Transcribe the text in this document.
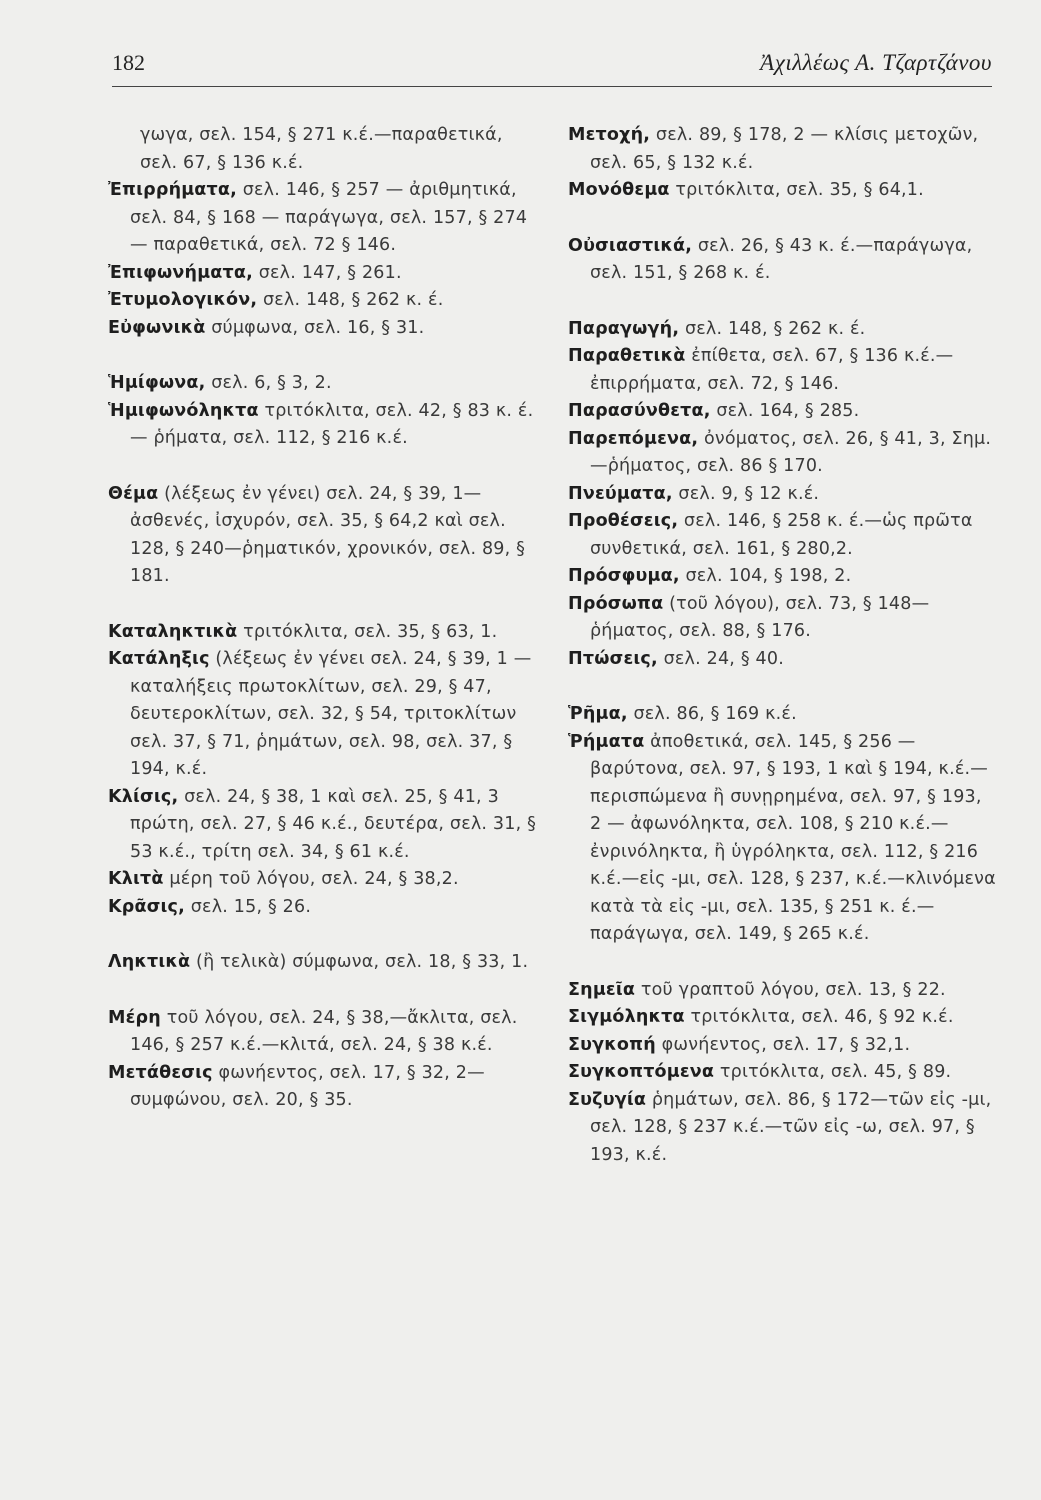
182	Ἀχιλλέως Α. Τζαρτζάνου
γωγα, σελ. 154, § 271 κ.έ.—παραθετικά, σελ. 67, § 136 κ.έ.
Ἐπιρρήματα, σελ. 146, § 257 — ἀριθμητικά, σελ. 84, § 168 — παράγωγα, σελ. 157, § 274 — παραθετικά, σελ. 72 § 146.
Ἐπιφωνήματα, σελ. 147, § 261.
Ἐτυμολογικόν, σελ. 148, § 262 κ. έ.
Εὐφωνικὰ σύμφωνα, σελ. 16, § 31.
Ἡμίφωνα, σελ. 6, § 3, 2.
Ἡμιφωνόληκτα τριτόκλιτα, σελ. 42, § 83 κ. έ. — ῥήματα, σελ. 112, § 216 κ.έ.
Θέμα (λέξεως ἐν γένει) σελ. 24, § 39, 1—ἀσθενές, ἰσχυρόν, σελ. 35, § 64,2 καὶ σελ. 128, § 240—ῥηματικόν, χρονικόν, σελ. 89, § 181.
Καταληκτικὰ τριτόκλιτα, σελ. 35, § 63, 1.
Κατάληξις (λέξεως ἐν γένει σελ. 24, § 39, 1 — καταλήξεις πρωτοκλίτων, σελ. 29, § 47, δευτεροκλίτων, σελ. 32, § 54, τριτοκλίτων σελ. 37, § 71, ῥημάτων, σελ. 98, σελ. 37, § 194, κ.έ.
Κλίσις, σελ. 24, § 38, 1 καὶ σελ. 25, § 41, 3 πρώτη, σελ. 27, § 46 κ.έ., δευτέρα, σελ. 31, § 53 κ.έ., τρίτη σελ. 34, § 61 κ.έ.
Κλιτὰ μέρη τοῦ λόγου, σελ. 24, § 38,2.
Κρᾶσις, σελ. 15, § 26.
Ληκτικὰ (ἢ τελικὰ) σύμφωνα, σελ. 18, § 33, 1.
Μέρη τοῦ λόγου, σελ. 24, § 38,—ἄκλιτα, σελ. 146, § 257 κ.έ.—κλιτά, σελ. 24, § 38 κ.έ.
Μετάθεσις φωνήεντος, σελ. 17, § 32, 2—συμφώνου, σελ. 20, § 35.
Μετοχή, σελ. 89, § 178, 2 — κλίσις μετοχῶν, σελ. 65, § 132 κ.έ.
Μονόθεμα τριτόκλιτα, σελ. 35, § 64,1.
Οὐσιαστικά, σελ. 26, § 43 κ. έ.—παράγωγα, σελ. 151, § 268 κ. έ.
Παραγωγή, σελ. 148, § 262 κ. έ.
Παραθετικὰ ἐπίθετα, σελ. 67, § 136 κ.έ.—ἐπιρρήματα, σελ. 72, § 146.
Παρασύνθετα, σελ. 164, § 285.
Παρεπόμενα, ὀνόματος, σελ. 26, § 41, 3, Σημ.—ῥήματος, σελ. 86 § 170.
Πνεύματα, σελ. 9, § 12 κ.έ.
Προθέσεις, σελ. 146, § 258 κ. έ.—ὡς πρῶτα συνθετικά, σελ. 161, § 280,2.
Πρόσφυμα, σελ. 104, § 198, 2.
Πρόσωπα (τοῦ λόγου), σελ. 73, § 148—ῥήματος, σελ. 88, § 176.
Πτώσεις, σελ. 24, § 40.
Ῥῆμα, σελ. 86, § 169 κ.έ.
Ῥήματα ἀποθετικά, σελ. 145, § 256 —βαρύτονα, σελ. 97, § 193, 1 καὶ § 194, κ.έ.—περισπώμενα ἢ συνῃρημένα, σελ. 97, § 193, 2 — ἀφωνόληκτα, σελ. 108, § 210 κ.έ.—ἐνρινόληκτα, ἢ ὑγρόληκτα, σελ. 112, § 216 κ.έ.—εἰς -μι, σελ. 128, § 237, κ.έ.—κλινόμενα κατὰ τὰ εἰς -μι, σελ. 135, § 251 κ. έ.—παράγωγα, σελ. 149, § 265 κ.έ.
Σημεῖα τοῦ γραπτοῦ λόγου, σελ. 13, § 22.
Σιγμόληκτα τριτόκλιτα, σελ. 46, § 92 κ.έ.
Συγκοπή φωνήεντος, σελ. 17, § 32,1.
Συγκοπτόμενα τριτόκλιτα, σελ. 45, § 89.
Συζυγία ῥημάτων, σελ. 86, § 172—τῶν εἰς -μι, σελ. 128, § 237 κ.έ.—τῶν εἰς -ω, σελ. 97, § 193, κ.έ.
